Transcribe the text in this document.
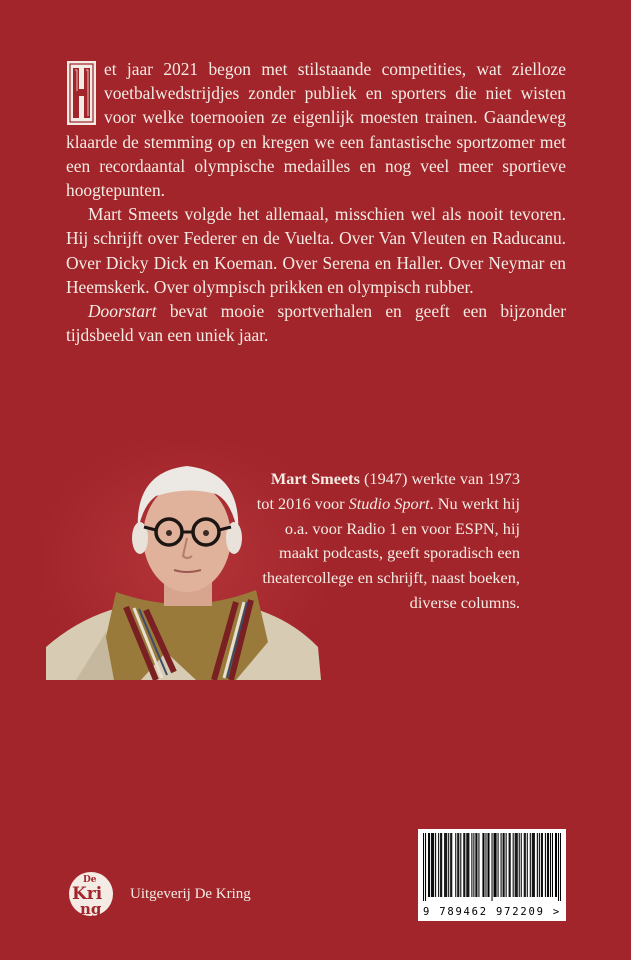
et jaar 2021 begon met stilstaande competities, wat zielloze voetbalwedstrijdjes zonder publiek en sporters die niet wisten voor welke toernooien ze eigenlijk moesten trainen. Gaandeweg klaarde de stemming op en kregen we een fantastische sportzomer met een recordaantal olympische medailles en nog veel meer sportieve hoogtepunten.

Mart Smeets volgde het allemaal, misschien wel als nooit tevoren. Hij schrijft over Federer en de Vuelta. Over Van Vleuten en Raducanu. Over Dicky Dick en Koeman. Over Serena en Haller. Over Neymar en Heemskerk. Over olympisch prikken en olympisch rubber.

Doorstart bevat mooie sportverhalen en geeft een bijzonder tijdsbeeld van een uniek jaar.

Mart Smeets (1947) werkte van 1973 tot 2016 voor Studio Sport. Nu werkt hij o.a. voor Radio 1 en voor ESPN, hij maakt podcasts, geeft sporadisch een theatercollege en schrijft, naast boeken, diverse columns.
De
Kri
ng
Uitgeverij De Kring
9 789462 972209 >
